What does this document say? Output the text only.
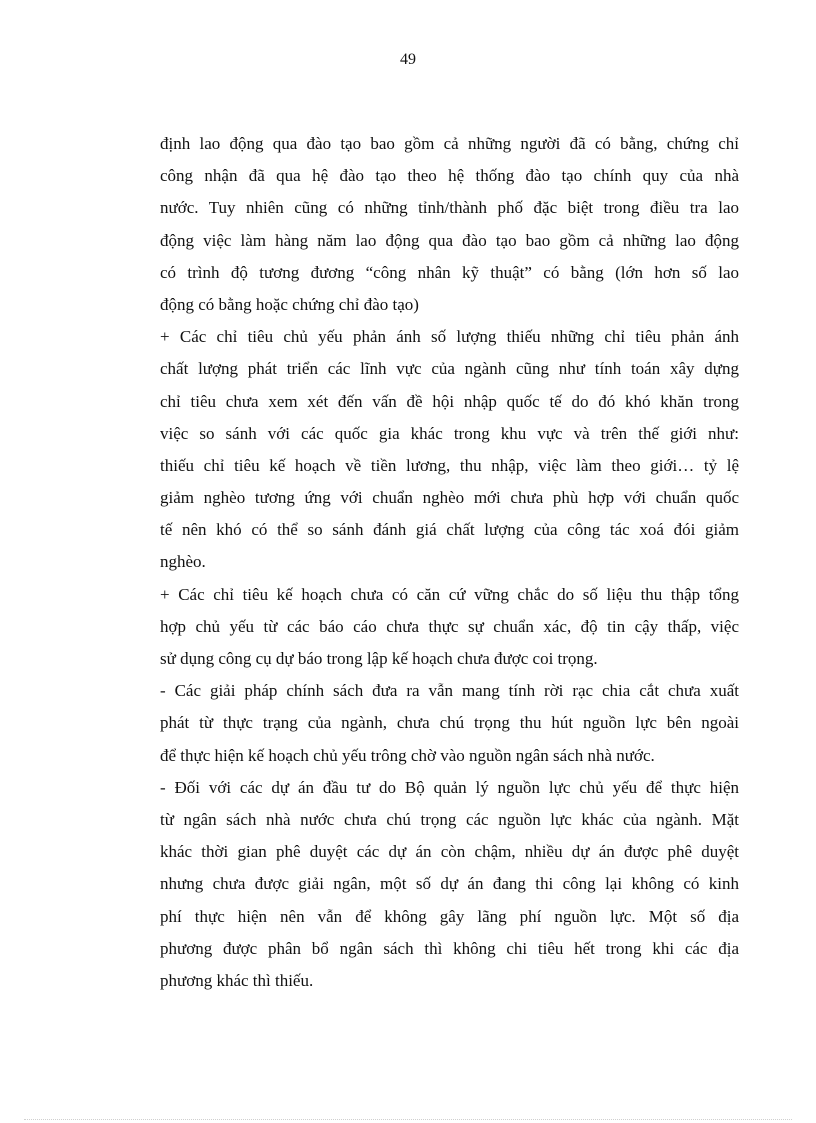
49
định lao động qua đào tạo bao gồm cả những người đã có bằng, chứng chỉ
công nhận đã qua hệ đào tạo theo hệ thống đào tạo chính quy của nhà
nước. Tuy nhiên cũng có những tỉnh/thành phố đặc biệt trong điều tra lao
động việc làm hàng năm lao động qua đào tạo bao gồm cả những lao động
có trình độ tương đương “công nhân kỹ thuật” có bằng (lớn hơn số lao
động có bằng hoặc chứng chỉ đào tạo)
+ Các chỉ tiêu chủ yếu phản ánh số lượng thiếu những chỉ tiêu phản ánh
chất lượng phát triển các lĩnh vực của ngành cũng như tính toán xây dựng
chỉ tiêu chưa xem xét đến vấn đề hội nhập quốc tế do đó khó khăn trong
việc so sánh với các quốc gia khác trong khu vực và trên thế giới như:
thiếu chỉ tiêu kế hoạch về tiền lương, thu nhập, việc làm theo giới… tỷ lệ
giảm nghèo tương ứng với chuẩn nghèo mới chưa phù hợp với chuẩn quốc
tế nên khó có thể so sánh đánh giá chất lượng của công tác xoá đói giảm
nghèo.
+ Các chỉ tiêu kế hoạch chưa có căn cứ vững chắc do số liệu thu thập tổng
hợp chủ yếu từ các báo cáo chưa thực sự chuẩn xác, độ tin cậy thấp, việc
sử dụng công cụ dự báo trong lập kế hoạch chưa được coi trọng.
- Các giải pháp chính sách đưa ra vẫn mang tính rời rạc chia cắt chưa xuất
phát từ thực trạng của ngành, chưa chú trọng thu hút nguồn lực bên ngoài
để thực hiện kế hoạch chủ yếu trông chờ vào nguồn ngân sách nhà nước.
- Đối với các dự án đầu tư do Bộ quản lý nguồn lực chủ yếu để thực hiện
từ ngân sách nhà nước chưa chú trọng các nguồn lực khác của ngành. Mặt
khác thời gian phê duyệt các dự án còn chậm, nhiều dự án được phê duyệt
nhưng chưa được giải ngân, một số dự án đang thi công lại không có kinh
phí thực hiện nên vẫn để không gây lãng phí nguồn lực. Một số địa
phương được phân bổ ngân sách thì không chi tiêu hết trong khi các địa
phương khác thì thiếu.
